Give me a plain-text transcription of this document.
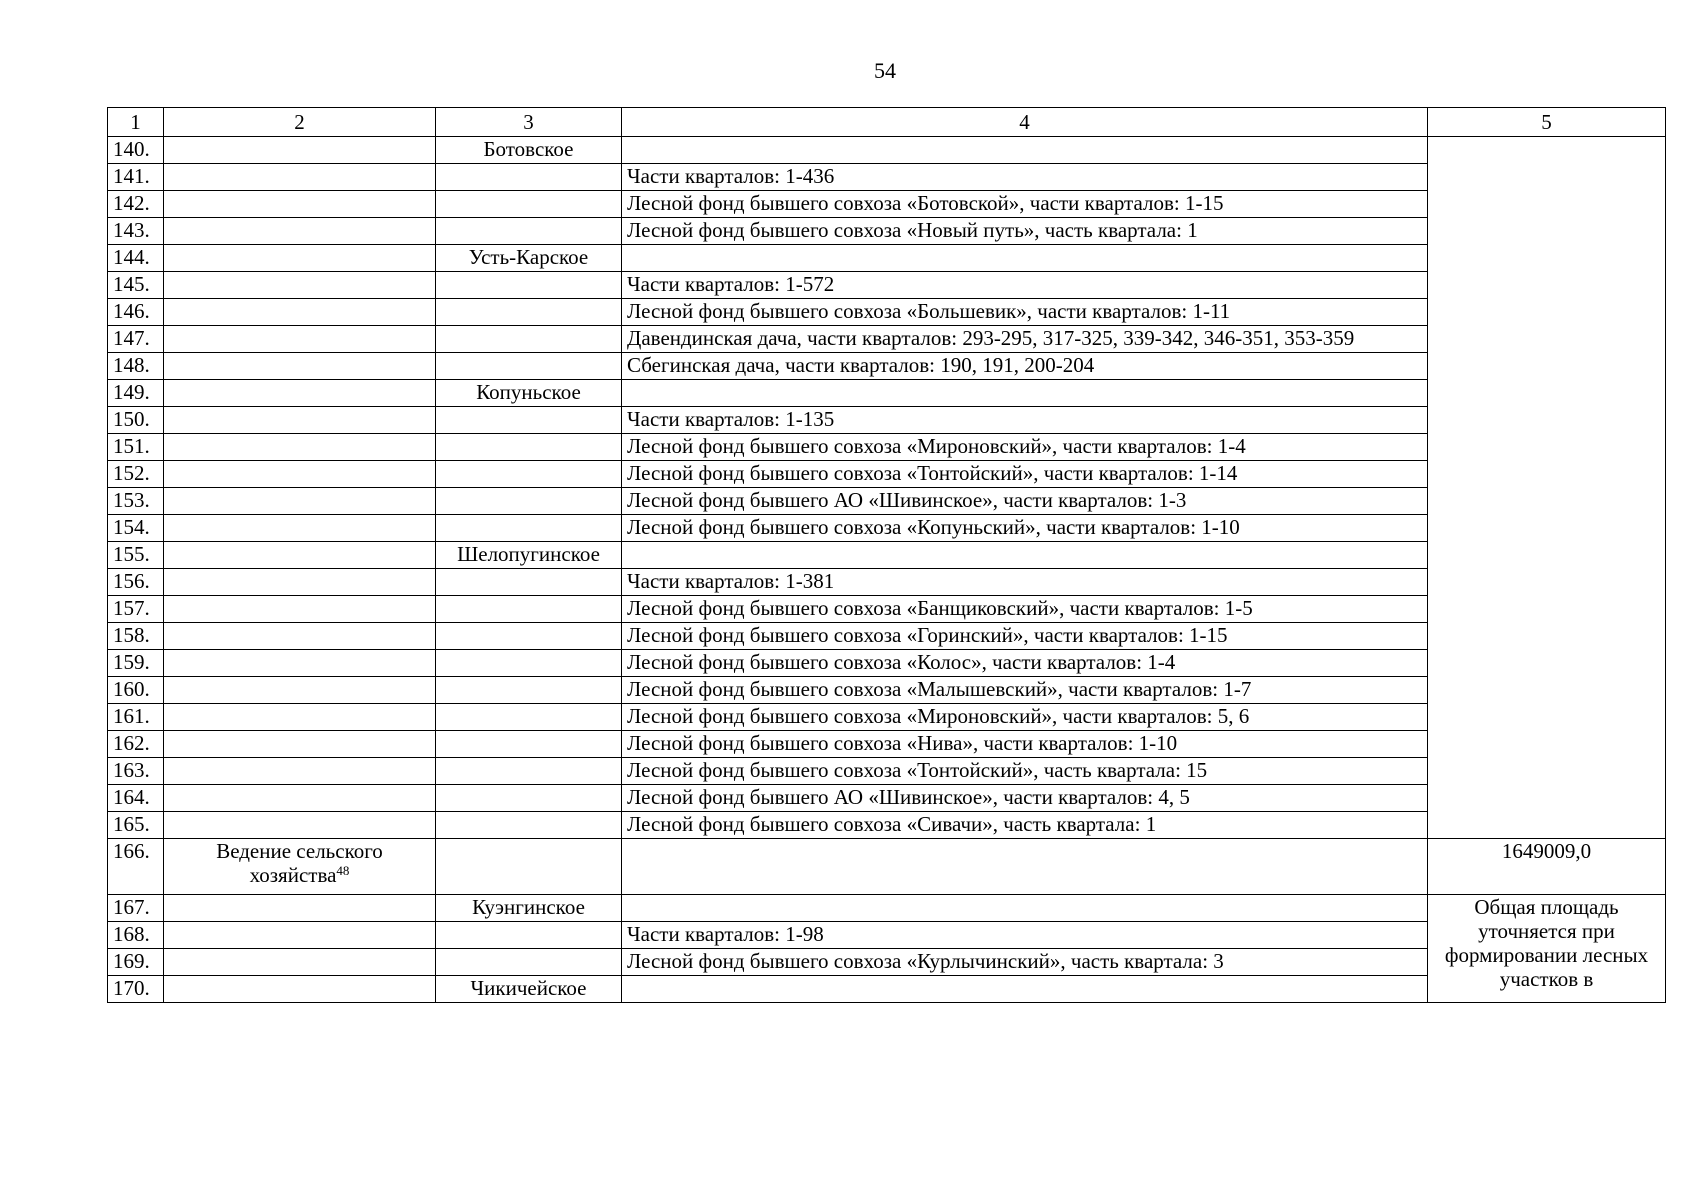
54
1	2	3	4	5
140.		Ботовское		
141.			Части кварталов: 1-436	
142.			Лесной фонд бывшего совхоза «Ботовской», части кварталов: 1-15	
143.			Лесной фонд бывшего совхоза «Новый путь», часть квартала: 1	
144.		Усть-Карское		
145.			Части кварталов: 1-572	
146.			Лесной фонд бывшего совхоза «Большевик», части кварталов: 1-11	
147.			Давендинская дача, части кварталов: 293-295, 317-325, 339-342, 346-351, 353-359	
148.			Сбегинская дача, части кварталов: 190, 191, 200-204	
149.		Копуньское		
150.			Части кварталов: 1-135	
151.			Лесной фонд бывшего совхоза «Мироновский», части кварталов: 1-4	
152.			Лесной фонд бывшего совхоза «Тонтойский», части кварталов: 1-14	
153.			Лесной фонд бывшего АО «Шивинское», части кварталов: 1-3	
154.			Лесной фонд бывшего совхоза «Копуньский», части кварталов: 1-10	
155.		Шелопугинское		
156.			Части кварталов: 1-381	
157.			Лесной фонд бывшего совхоза «Банщиковский», части кварталов: 1-5	
158.			Лесной фонд бывшего совхоза «Горинский», части кварталов: 1-15	
159.			Лесной фонд бывшего совхоза «Колос», части кварталов: 1-4	
160.			Лесной фонд бывшего совхоза «Малышевский», части кварталов: 1-7	
161.			Лесной фонд бывшего совхоза «Мироновский», части кварталов: 5, 6	
162.			Лесной фонд бывшего совхоза «Нива», части кварталов: 1-10	
163.			Лесной фонд бывшего совхоза «Тонтойский», часть квартала: 15	
164.			Лесной фонд бывшего АО «Шивинское», части кварталов: 4, 5	
165.			Лесной фонд бывшего совхоза «Сивачи», часть квартала: 1	
166.	Ведение сельского хозяйства$^{48}$			1649009,0
167.		Куэнгинское		Общая площадь уточняется при формировании лесных участков в
168.			Части кварталов: 1-98	
169.			Лесной фонд бывшего совхоза «Курлычинский», часть квартала: 3	
170.		Чикичейское		
